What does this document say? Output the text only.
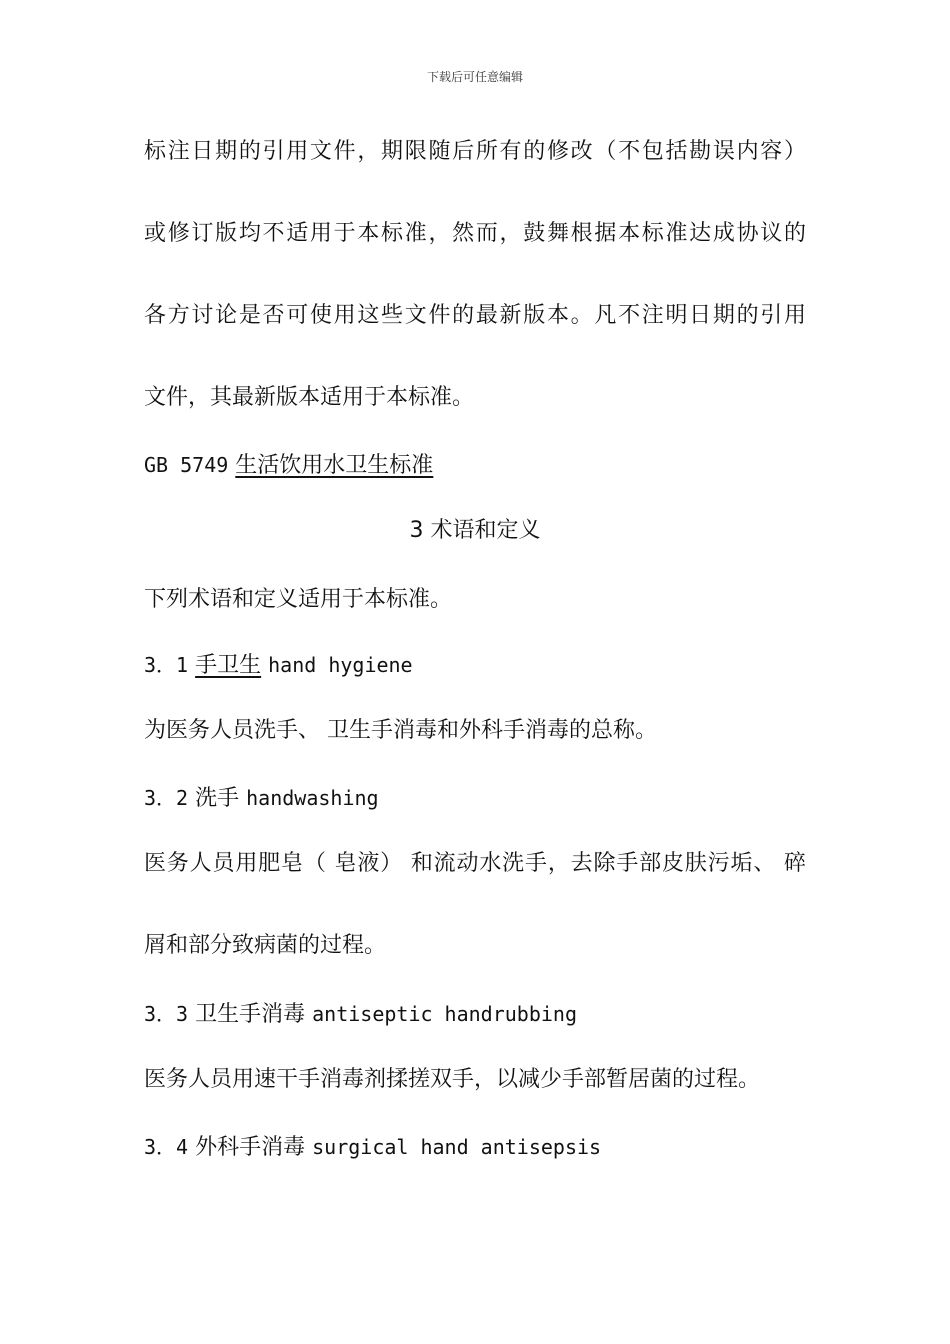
下载后可任意编辑
标注日期的引用文件，期限随后所有的修改（不包括勘误内容）
或修订版均不适用于本标准，然而，鼓舞根据本标准达成协议的
各方讨论是否可使用这些文件的最新版本。凡不注明日期的引用
文件，其最新版本适用于本标准。
GB 5749 生活饮用水卫生标准
3 术语和定义
下列术语和定义适用于本标准。
3．1 手卫生 hand hygiene
为医务人员洗手、 卫生手消毒和外科手消毒的总称。
3．2 洗手 handwashing
医务人员用肥皂（ 皂液） 和流动水洗手，去除手部皮肤污垢、 碎
屑和部分致病菌的过程。
3．3 卫生手消毒 antiseptic handrubbing
医务人员用速干手消毒剂揉搓双手，以减少手部暂居菌的过程。
3．4 外科手消毒 surgical hand antisepsis
